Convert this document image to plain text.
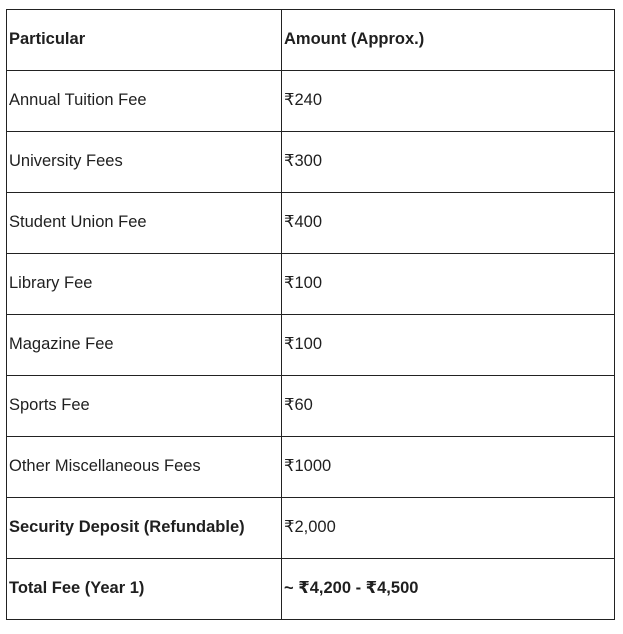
Particular	Amount (Approx.)
Annual Tuition Fee	₹240
University Fees	₹300
Student Union Fee	₹400
Library Fee	₹100
Magazine Fee	₹100
Sports Fee	₹60
Other Miscellaneous Fees	₹1000
Security Deposit (Refundable)	₹2,000
Total Fee (Year 1)	~ ₹4,200 - ₹4,500
